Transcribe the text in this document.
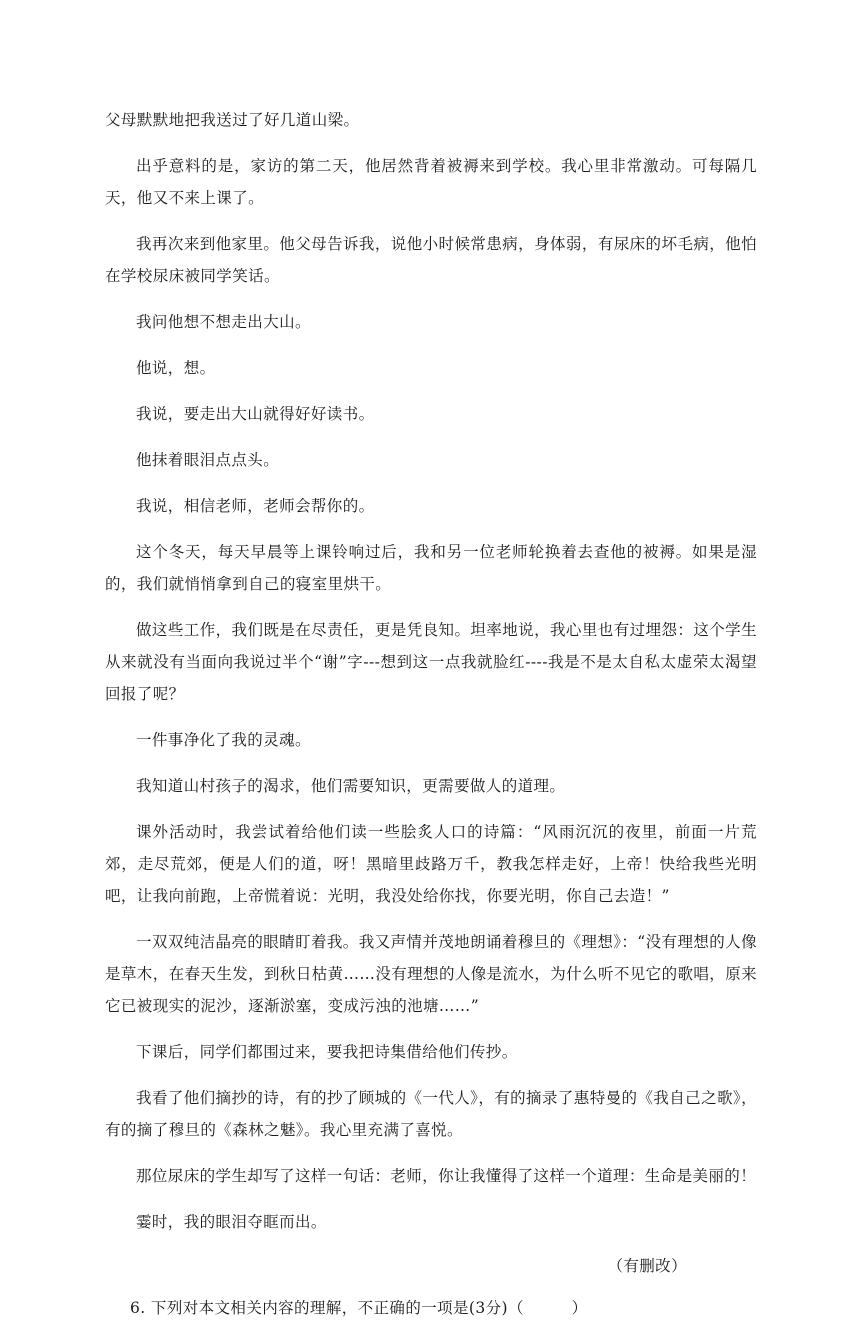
父母默默地把我送过了好几道山梁。

出乎意料的是，家访的第二天，他居然背着被褥来到学校。我心里非常激动。可每隔几天，他又不来上课了。

我再次来到他家里。他父母告诉我，说他小时候常患病，身体弱，有尿床的坏毛病，他怕在学校尿床被同学笑话。

我问他想不想走出大山。

他说，想。

我说，要走出大山就得好好读书。

他抹着眼泪点点头。

我说，相信老师，老师会帮你的。

这个冬天，每天早晨等上课铃响过后，我和另一位老师轮换着去查他的被褥。如果是湿的，我们就悄悄拿到自己的寝室里烘干。

做这些工作，我们既是在尽责任，更是凭良知。坦率地说，我心里也有过埋怨：这个学生从来就没有当面向我说过半个“谢”字---想到这一点我就脸红----我是不是太自私太虚荣太渴望回报了呢？

一件事净化了我的灵魂。

我知道山村孩子的渴求，他们需要知识，更需要做人的道理。

课外活动时，我尝试着给他们读一些脍炙人口的诗篇：“风雨沉沉的夜里，前面一片荒郊，走尽荒郊，便是人们的道，呀！黑暗里歧路万千，教我怎样走好，上帝！快给我些光明吧，让我向前跑，上帝慌着说：光明，我没处给你找，你要光明，你自己去造！”

一双双纯洁晶亮的眼睛盯着我。我又声情并茂地朗诵着穆旦的《理想》：“没有理想的人像是草木，在春天生发，到秋日枯黄……没有理想的人像是流水，为什么听不见它的歌唱，原来它已被现实的泥沙，逐渐淤塞，变成污浊的池塘……”

下课后，同学们都围过来，要我把诗集借给他们传抄。

我看了他们摘抄的诗，有的抄了顾城的《一代人》，有的摘录了惠特曼的《我自己之歌》，有的摘了穆旦的《森林之魅》。我心里充满了喜悦。

那位尿床的学生却写了这样一句话：老师，你让我懂得了这样一个道理：生命是美丽的！

霎时，我的眼泪夺眶而出。

（有删改）

6. 下列对本文相关内容的理解，不正确的一项是(3分)（　　　）
